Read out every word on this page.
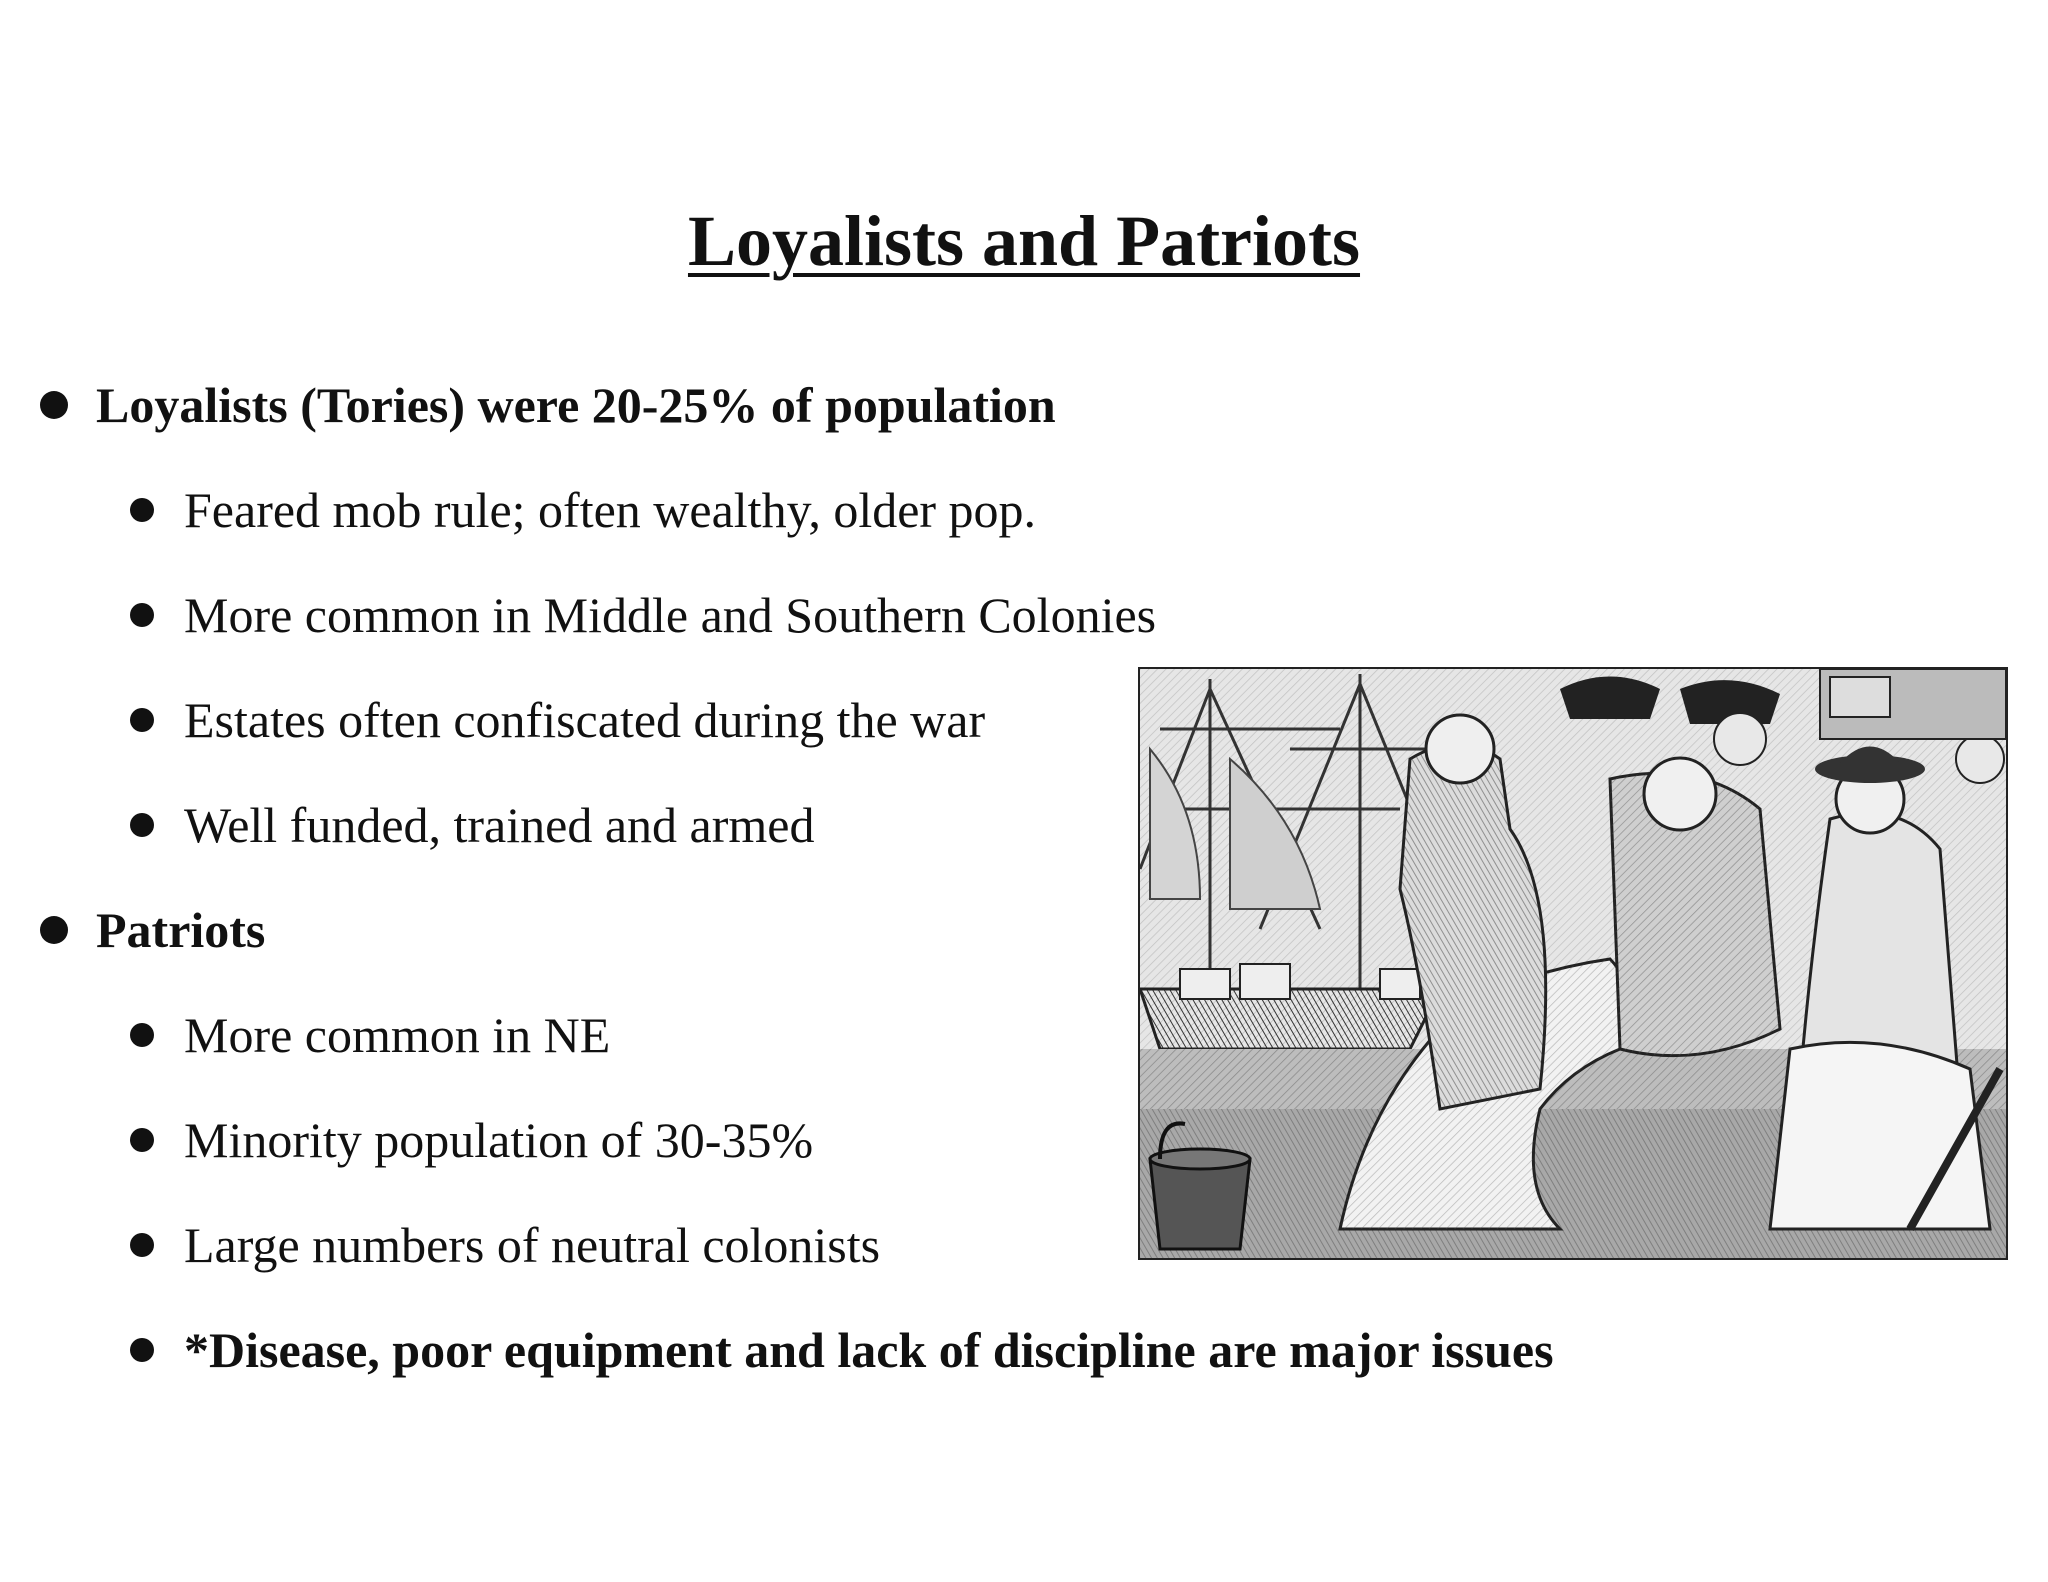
Loyalists and Patriots
Loyalists (Tories) were 20-25% of population
Feared mob rule; often wealthy, older pop.
More common in Middle and Southern Colonies
Estates often confiscated during the war
Well funded, trained and armed
Patriots
More common in NE
Minority population of 30-35%
Large numbers of neutral colonists
*Disease, poor equipment and lack of discipline are major issues
